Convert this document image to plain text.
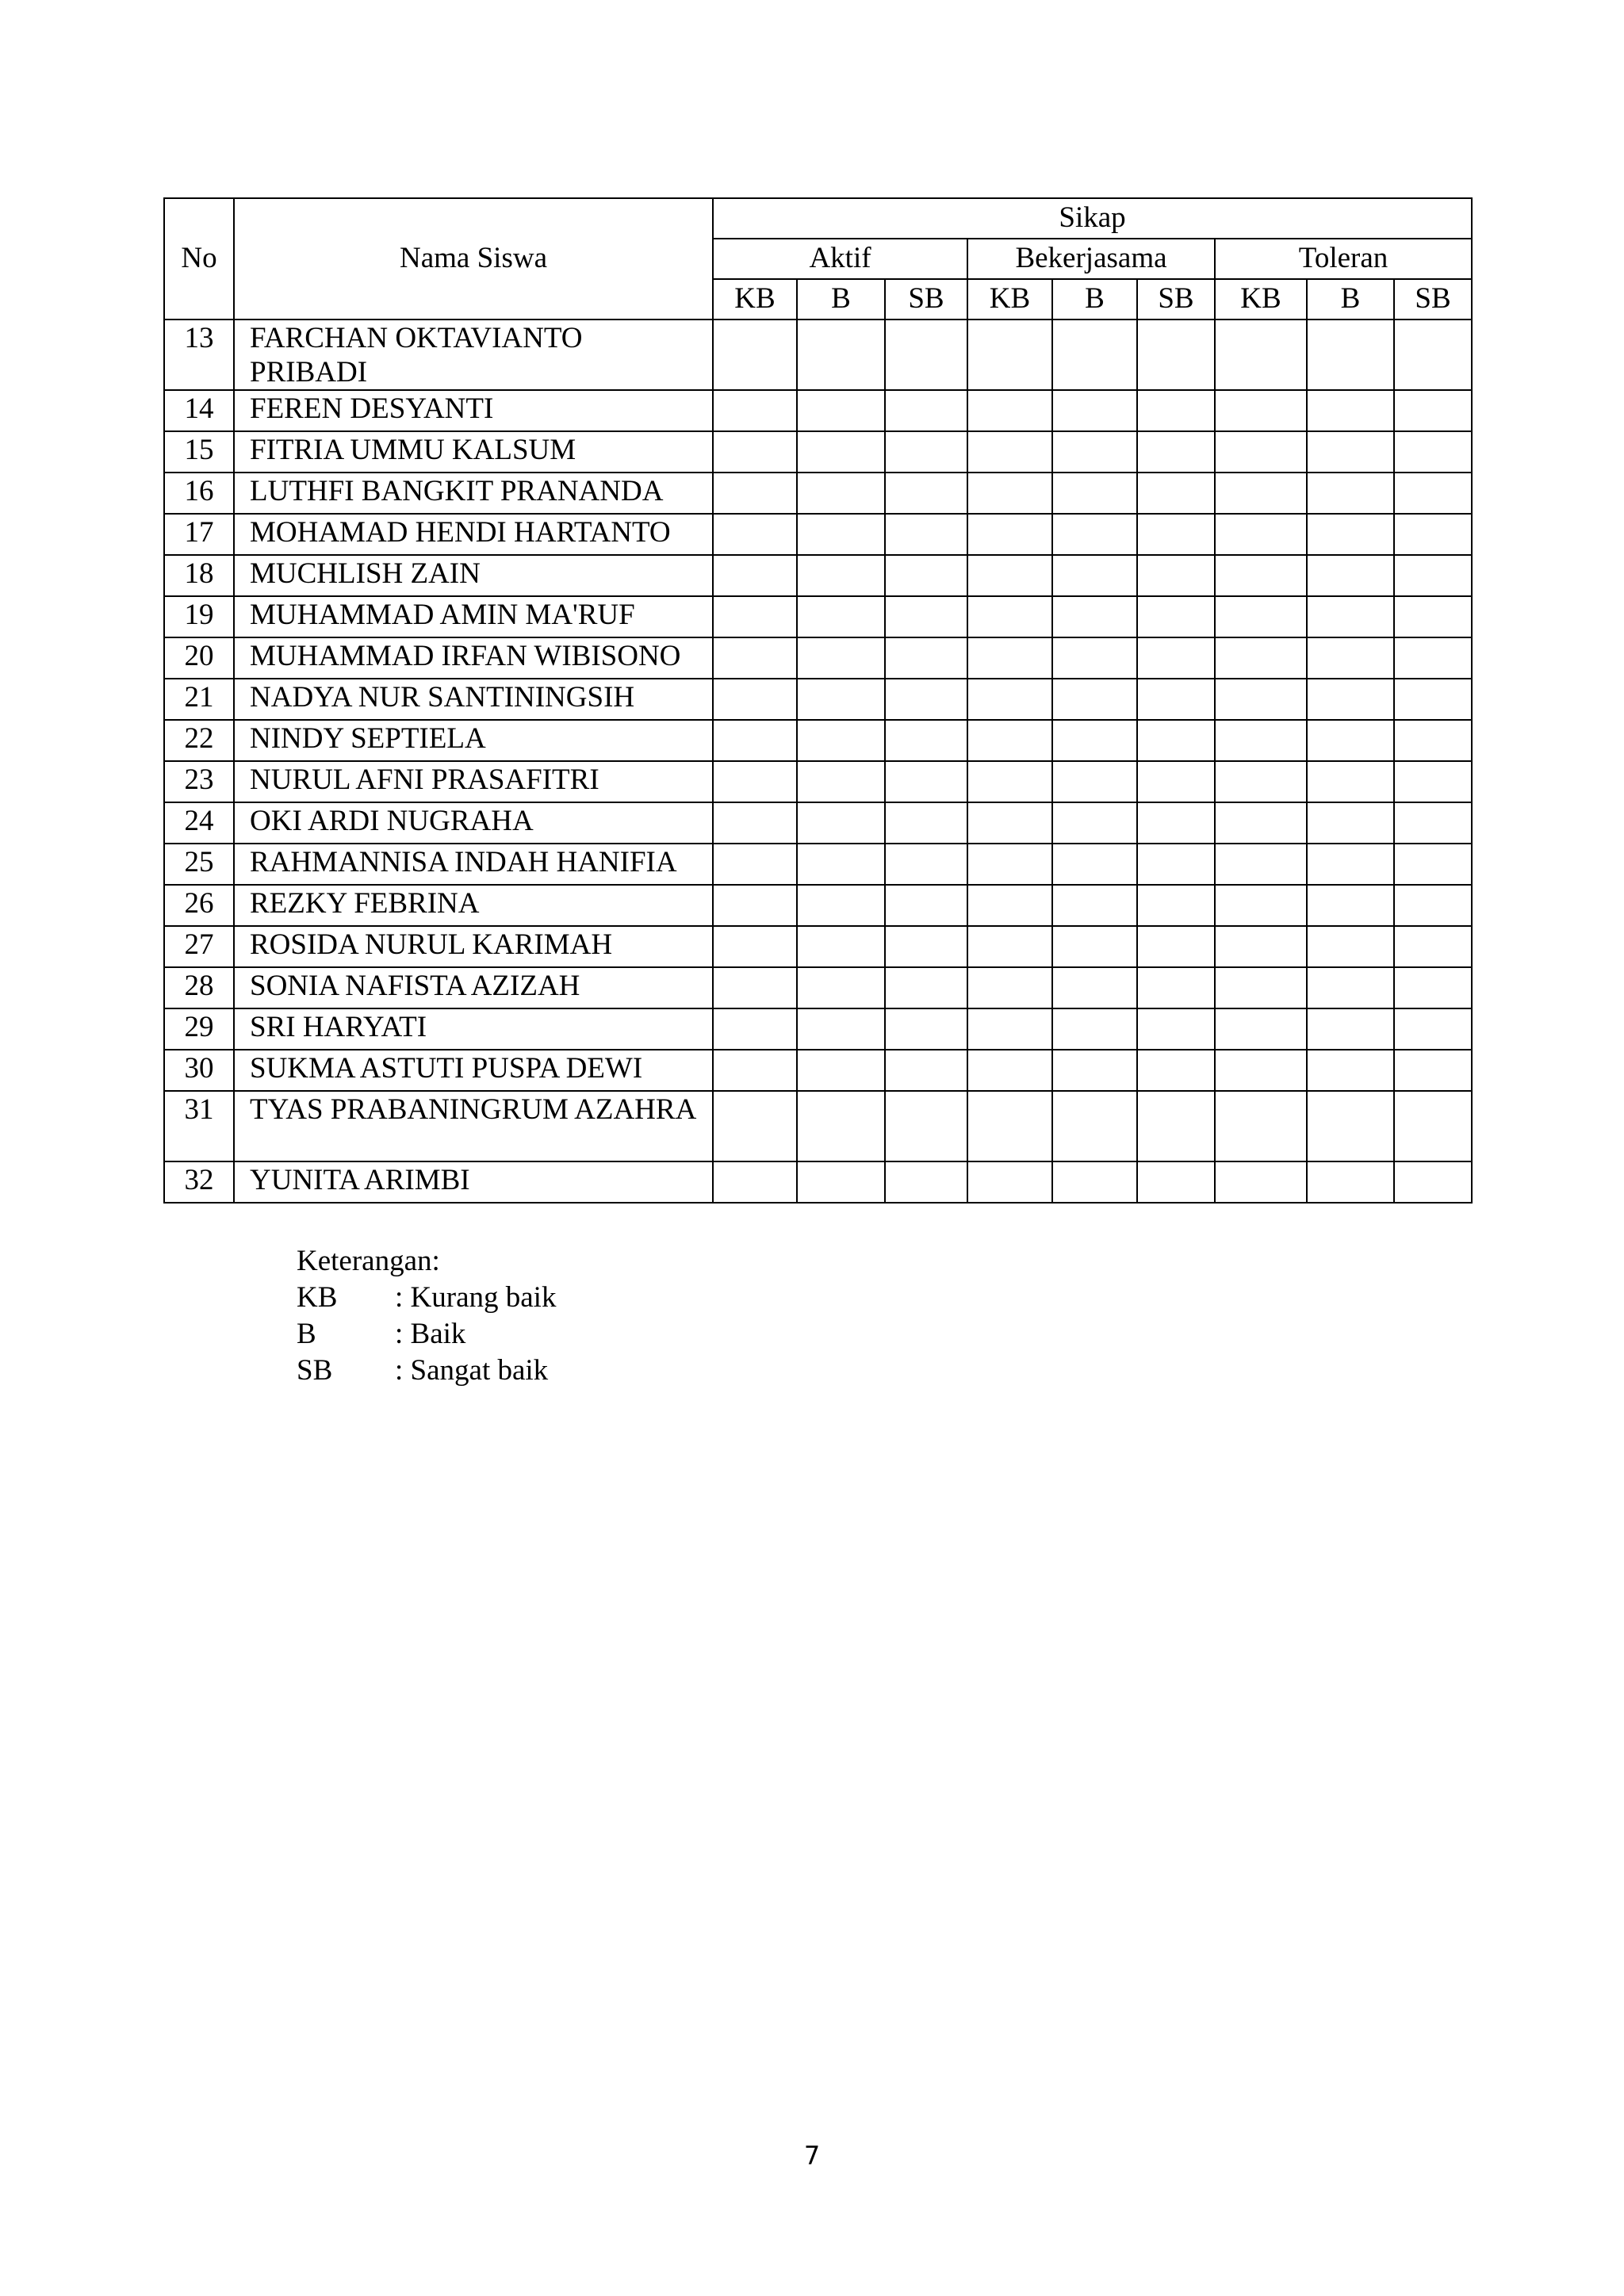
No	Nama Siswa	Sikap								
		Aktif			Bekerjasama			Toleran		
		KB	B	SB	KB	B	SB	KB	B	SB
13	FARCHAN OKTAVIANTO PRIBADI									
14	FEREN DESYANTI									
15	FITRIA UMMU KALSUM									
16	LUTHFI BANGKIT PRANANDA									
17	MOHAMAD HENDI HARTANTO									
18	MUCHLISH ZAIN									
19	MUHAMMAD AMIN MA'RUF									
20	MUHAMMAD IRFAN WIBISONO									
21	NADYA NUR SANTININGSIH									
22	NINDY SEPTIELA									
23	NURUL AFNI PRASAFITRI									
24	OKI ARDI NUGRAHA									
25	RAHMANNISA INDAH HANIFIA									
26	REZKY FEBRINA									
27	ROSIDA NURUL KARIMAH									
28	SONIA NAFISTA AZIZAH									
29	SRI HARYATI									
30	SUKMA ASTUTI PUSPA DEWI									
31	TYAS PRABANINGRUM AZAHRA									
32	YUNITA ARIMBI									
Keterangan:
KB	: Kurang baik
B	: Baik
SB	: Sangat baik
7
